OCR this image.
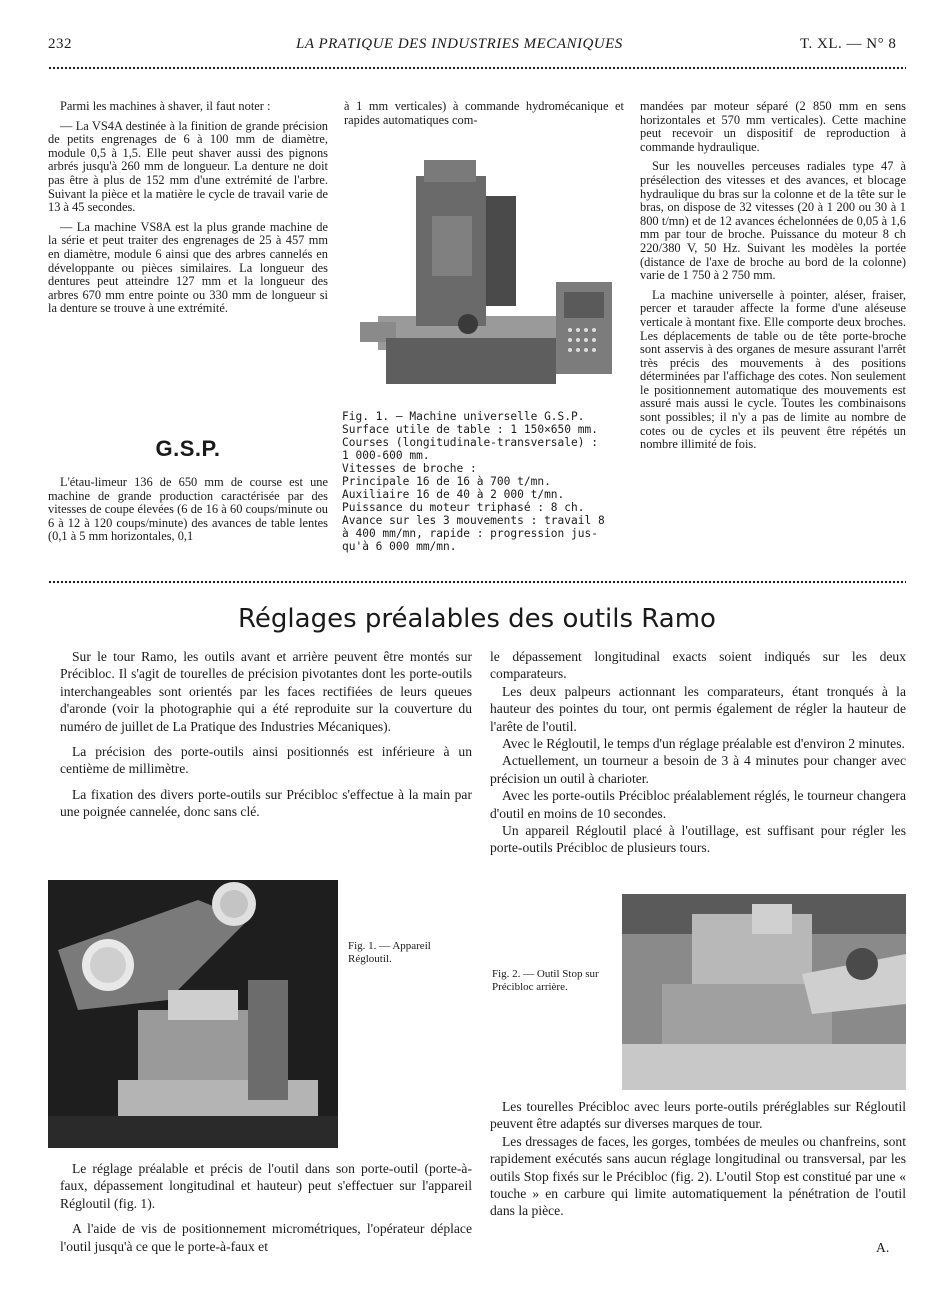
232	LA PRATIQUE DES INDUSTRIES MECANIQUES	T. XL. — N° 8

Parmi les machines à shaver, il faut noter :

— La VS4A destinée à la finition de grande précision de petits engrenages de 6 à 100 mm de diamètre, module 0,5 à 1,5. Elle peut shaver aussi des pignons arbrés jusqu'à 260 mm de longueur. La denture ne doit pas être à plus de 152 mm d'une extrémité de l'arbre. Suivant la pièce et la matière le cycle de travail varie de 13 à 45 secondes.

— La machine VS8A est la plus grande machine de la série et peut traiter des engrenages de 25 à 457 mm en diamètre, module 6 ainsi que des arbres cannelés en développante ou pièces similaires. La longueur des dentures peut atteindre 127 mm et la longueur des arbres 670 mm entre pointe ou 330 mm de longueur si la denture se trouve à une extrémité.

G.S.P.

L'étau-limeur 136 de 650 mm de course est une machine de grande production caractérisée par des vitesses de coupe élevées (6 de 16 à 60 coups/minute ou 6 à 12 à 120 coups/minute) des avances de table lentes (0,1 à 5 mm horizontales, 0,1

à 1 mm verticales) à commande hydromécanique et rapides automatiques com-

Fig. 1. — Machine universelle G.S.P.
Surface utile de table : 1 150×650 mm.
Courses (longitudinale-transversale) :
1 000-600 mm.
Vitesses de broche :
Principale 16 de 16 à 700 t/mn.
Auxiliaire 16 de 40 à 2 000 t/mn.
Puissance du moteur triphasé : 8 ch.
Avance sur les 3 mouvements : travail 8
à 400 mm/mn, rapide : progression jus-
qu'à 6 000 mm/mn.

mandées par moteur séparé (2 850 mm en sens horizontales et 570 mm verticales). Cette machine peut recevoir un dispositif de reproduction à commande hydraulique.

Sur les nouvelles perceuses radiales type 47 à présélection des vitesses et des avances, et blocage hydraulique du bras sur la colonne et de la tête sur le bras, on dispose de 32 vitesses (20 à 1 200 ou 30 à 1 800 t/mn) et de 12 avances échelonnées de 0,05 à 1,6 mm par tour de broche. Puissance du moteur 8 ch 220/380 V, 50 Hz. Suivant les modèles la portée (distance de l'axe de broche au bord de la colonne) varie de 1 750 à 2 750 mm.

La machine universelle à pointer, aléser, fraiser, percer et tarauder affecte la forme d'une aléseuse verticale à montant fixe. Elle comporte deux broches. Les déplacements de table ou de tête porte-broche sont asservis à des organes de mesure assurant l'arrêt très précis des mouvements à des positions déterminées par l'affichage des cotes. Non seulement le positionnement automatique des mouvements est assuré mais aussi le cycle. Toutes les combinaisons sont possibles; il n'y a pas de limite au nombre de cotes ou de cycles et ils peuvent être répétés un nombre illimité de fois.

Réglages préalables des outils Ramo

Sur le tour Ramo, les outils avant et arrière peuvent être montés sur Précibloc. Il s'agit de tourelles de précision pivotantes dont les porte-outils interchangeables sont orientés par les faces rectifiées de leurs queues d'aronde (voir la photographie qui a été reproduite sur la couverture du numéro de juillet de La Pratique des Industries Mécaniques).

La précision des porte-outils ainsi positionnés est inférieure à un centième de millimètre.

La fixation des divers porte-outils sur Précibloc s'effectue à la main par une poignée cannelée, donc sans clé.

le dépassement longitudinal exacts soient indiqués sur les deux comparateurs.

Les deux palpeurs actionnant les comparateurs, étant tronqués à la hauteur des pointes du tour, ont permis également de régler la hauteur de l'arête de l'outil.

Avec le Régloutil, le temps d'un réglage préalable est d'environ 2 minutes.

Actuellement, un tourneur a besoin de 3 à 4 minutes pour changer avec précision un outil à charioter.

Avec les porte-outils Précibloc préalablement réglés, le tourneur changera d'outil en moins de 10 secondes.

Un appareil Régloutil placé à l'outillage, est suffisant pour régler les porte-outils Précibloc de plusieurs tours.

Fig. 1. — Appareil Régloutil.
Fig. 2. — Outil Stop sur Précibloc arrière.

Le réglage préalable et précis de l'outil dans son porte-outil (porte-à-faux, dépassement longitudinal et hauteur) peut s'effectuer sur l'appareil Régloutil (fig. 1).

A l'aide de vis de positionnement micrométriques, l'opérateur déplace l'outil jusqu'à ce que le porte-à-faux et

Les tourelles Précibloc avec leurs porte-outils préréglables sur Régloutil peuvent être adaptés sur diverses marques de tour.

Les dressages de faces, les gorges, tombées de meules ou chanfreins, sont rapidement exécutés sans aucun réglage longitudinal ou transversal, par les outils Stop fixés sur le Précibloc (fig. 2). L'outil Stop est constitué par une « touche » en carbure qui limite automatiquement la pénétration de l'outil dans la pièce.

A.
